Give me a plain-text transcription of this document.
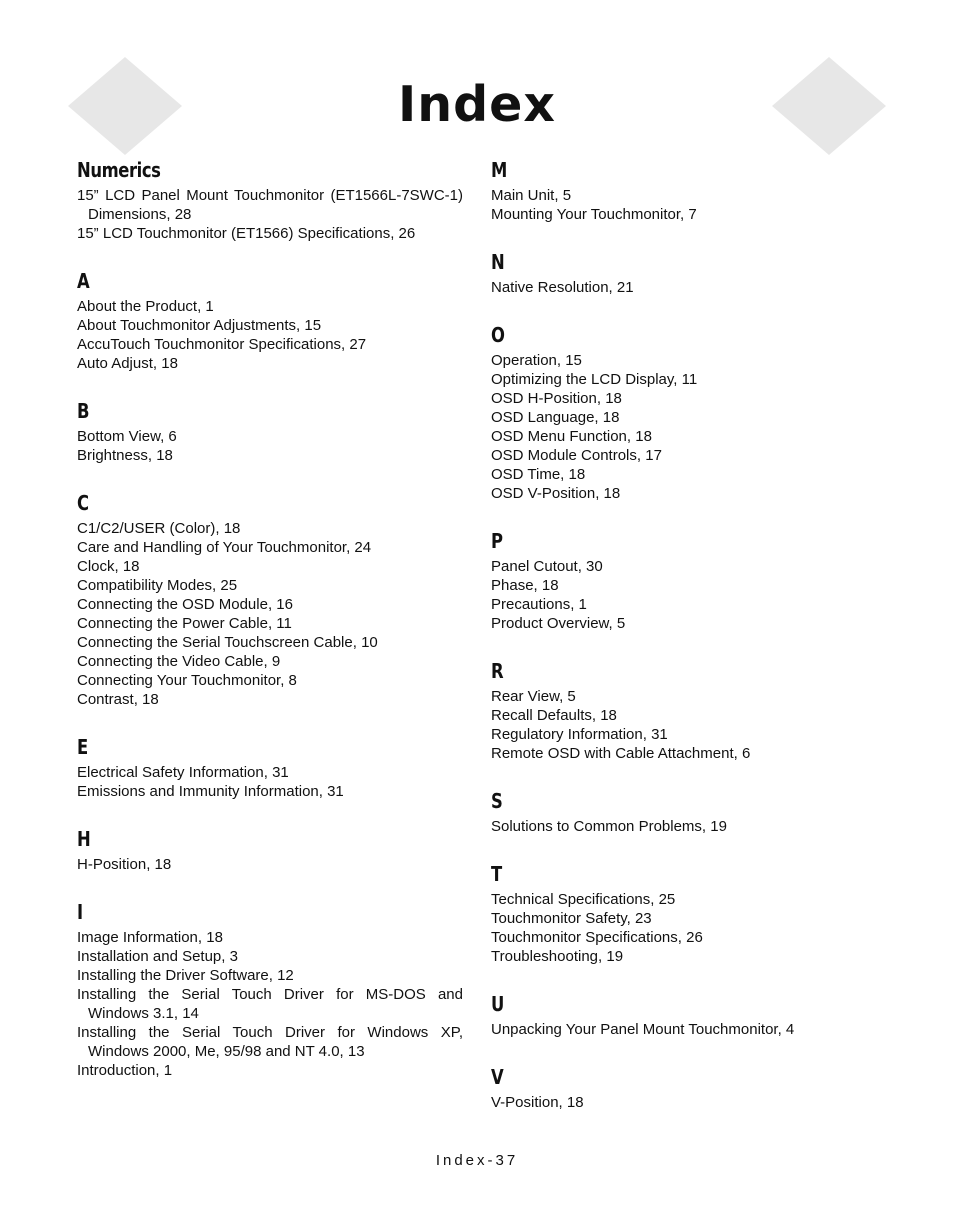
Index
Numerics
15” LCD Panel Mount Touchmonitor (ET1566L-7SWC-1) Dimensions, 28
15” LCD Touchmonitor (ET1566) Specifications, 26
A
About the Product, 1
About Touchmonitor Adjustments, 15
AccuTouch Touchmonitor Specifications, 27
Auto Adjust, 18
B
Bottom View, 6
Brightness, 18
C
C1/C2/USER (Color), 18
Care and Handling of Your Touchmonitor, 24
Clock, 18
Compatibility Modes, 25
Connecting the OSD Module, 16
Connecting the Power Cable, 11
Connecting the Serial Touchscreen Cable, 10
Connecting the Video Cable, 9
Connecting Your Touchmonitor, 8
Contrast, 18
E
Electrical Safety Information, 31
Emissions and Immunity Information, 31
H
H-Position, 18
I
Image Information, 18
Installation and Setup, 3
Installing the Driver Software, 12
Installing the Serial Touch Driver for MS-DOS and Windows 3.1, 14
Installing the Serial Touch Driver for Windows XP, Windows 2000, Me, 95/98 and NT 4.0, 13
Introduction, 1
M
Main Unit, 5
Mounting Your Touchmonitor, 7
N
Native Resolution, 21
O
Operation, 15
Optimizing the LCD Display, 11
OSD H-Position, 18
OSD Language, 18
OSD Menu Function, 18
OSD Module Controls, 17
OSD Time, 18
OSD V-Position, 18
P
Panel Cutout, 30
Phase, 18
Precautions, 1
Product Overview, 5
R
Rear View, 5
Recall Defaults, 18
Regulatory Information, 31
Remote OSD with Cable Attachment, 6
S
Solutions to Common Problems, 19
T
Technical Specifications, 25
Touchmonitor Safety, 23
Touchmonitor Specifications, 26
Troubleshooting, 19
U
Unpacking Your Panel Mount Touchmonitor, 4
V
V-Position, 18
Index-37
